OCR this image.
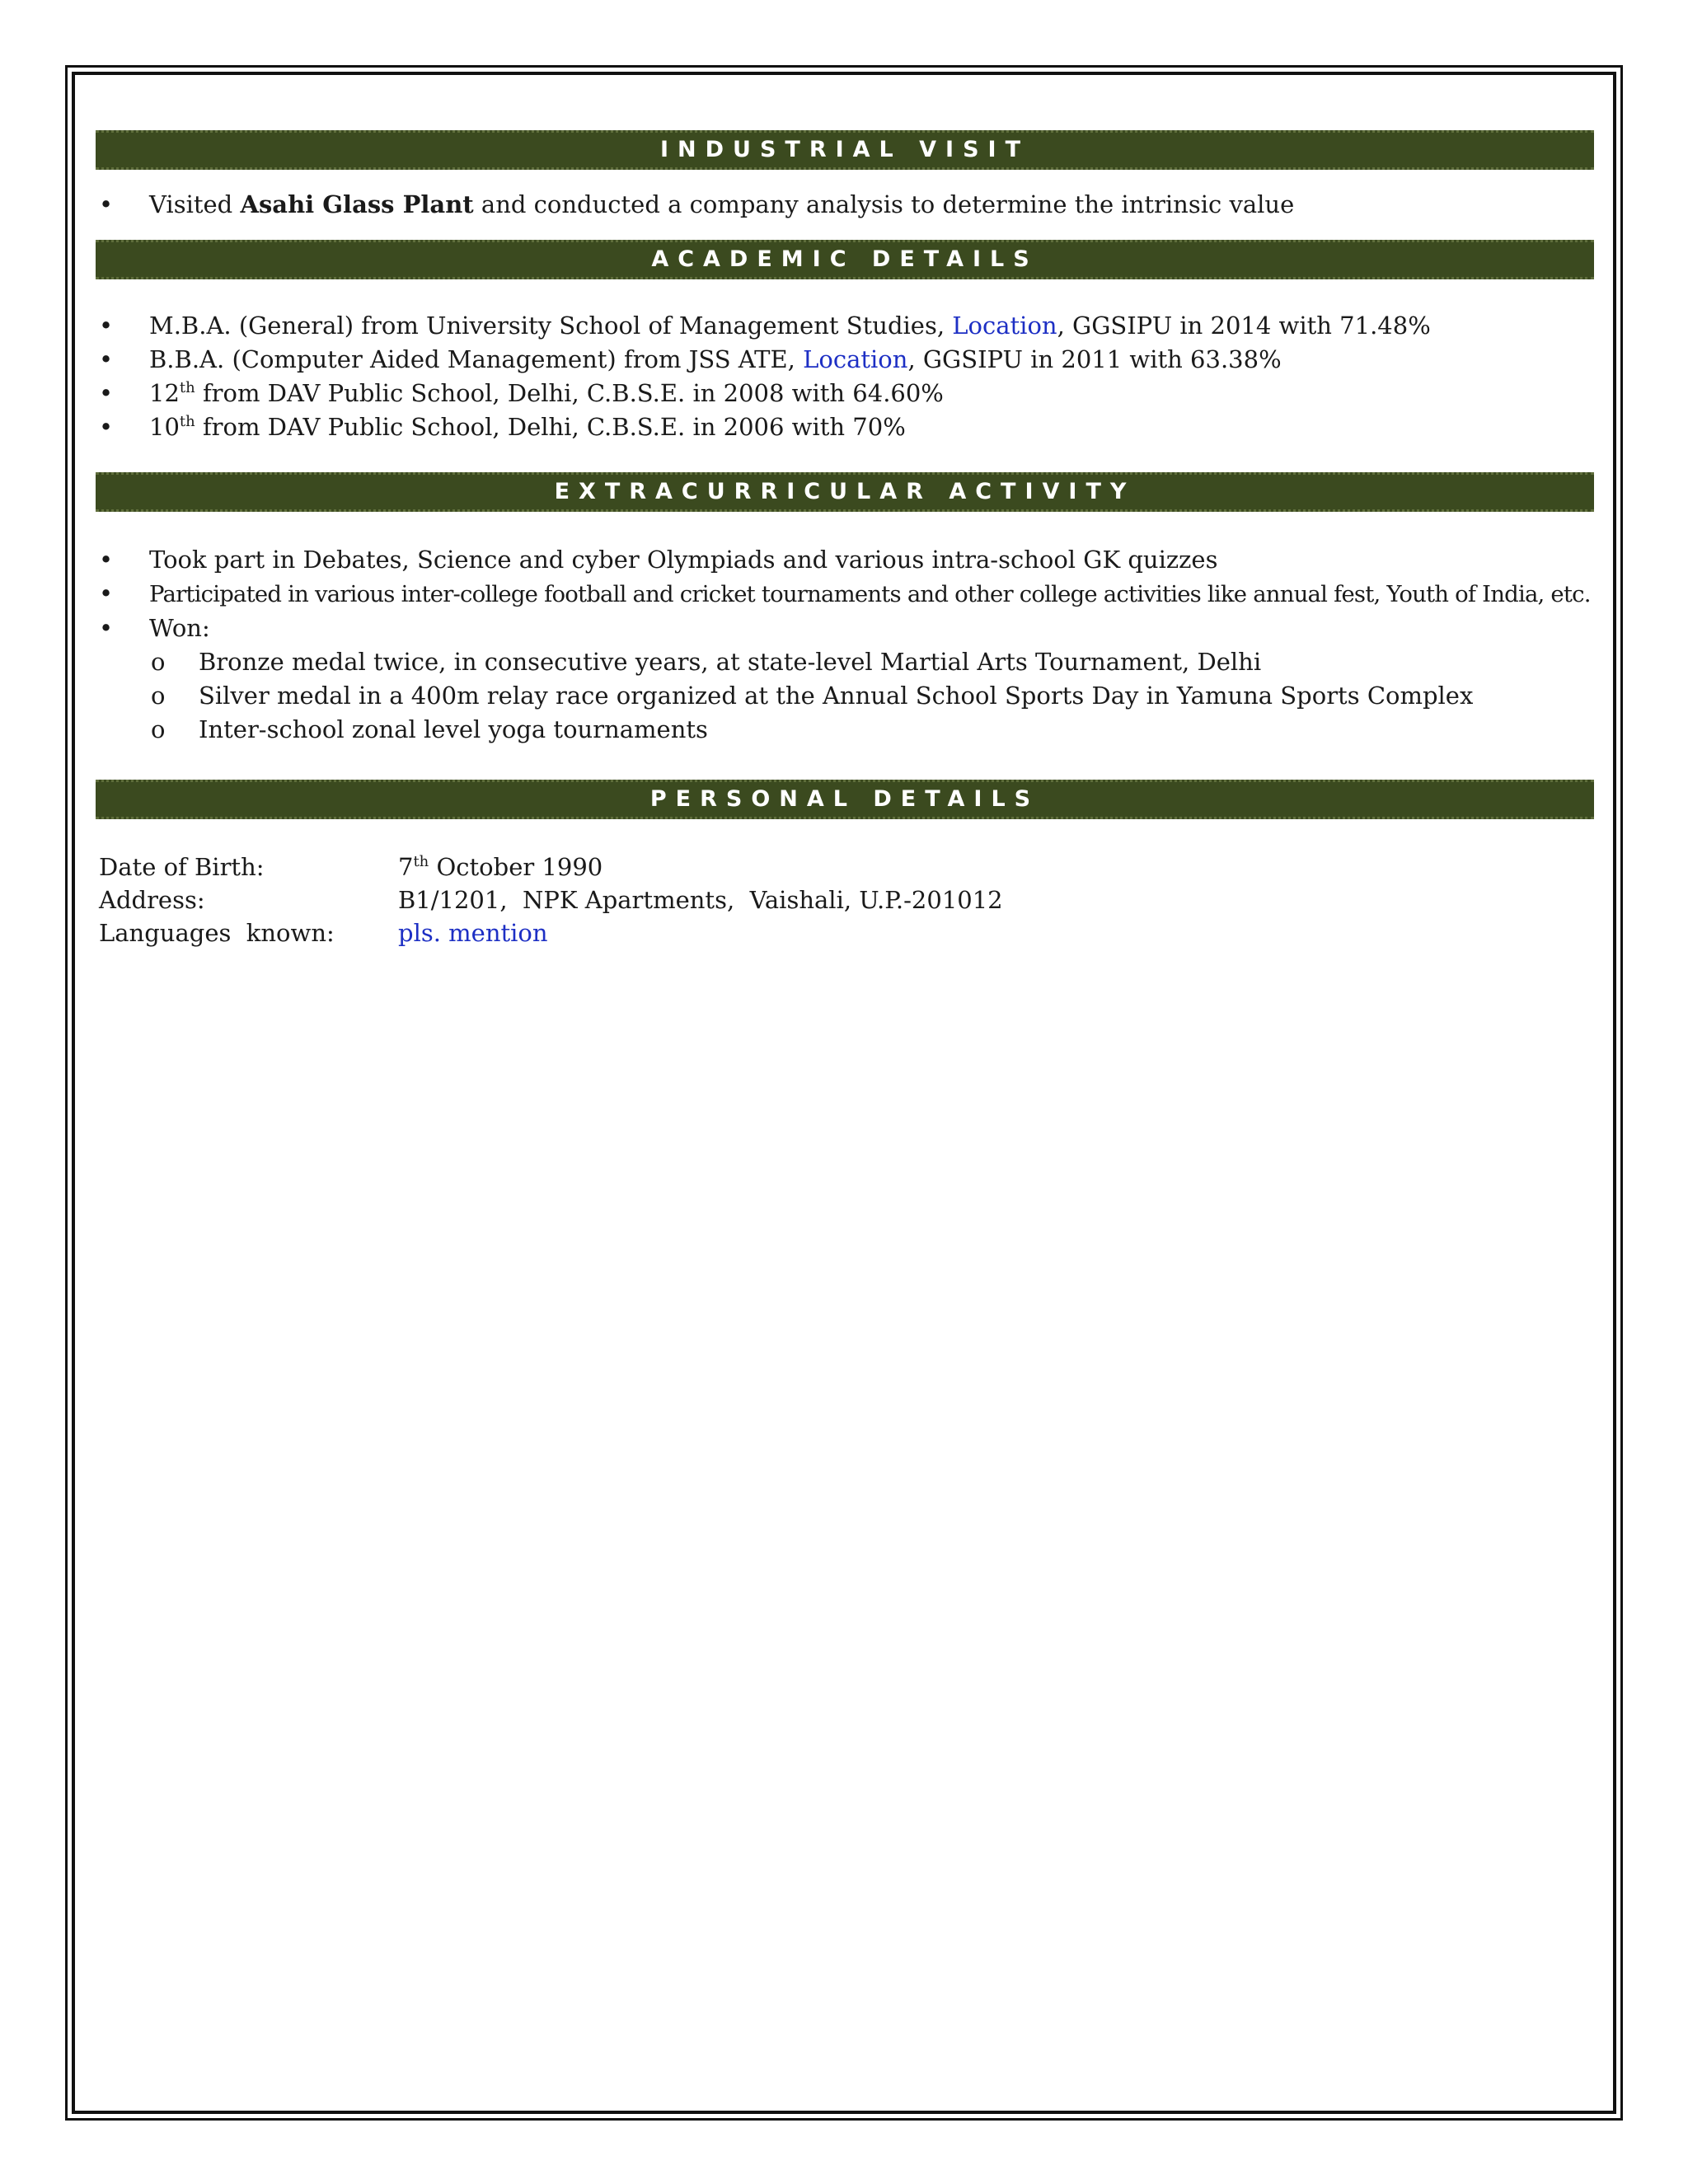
INDUSTRIAL VISIT
• Visited Asahi Glass Plant and conducted a company analysis to determine the intrinsic value
ACADEMIC DETAILS
• M.B.A. (General) from University School of Management Studies, Location, GGSIPU in 2014 with 71.48%
• B.B.A. (Computer Aided Management) from JSS ATE, Location, GGSIPU in 2011 with 63.38%
• 12th from DAV Public School, Delhi, C.B.S.E. in 2008 with 64.60%
• 10th from DAV Public School, Delhi, C.B.S.E. in 2006 with 70%
EXTRACURRICULAR ACTIVITY
• Took part in Debates, Science and cyber Olympiads and various intra-school GK quizzes
• Participated in various inter-college football and cricket tournaments and other college activities like annual fest, Youth of India, etc.
• Won:
o Bronze medal twice, in consecutive years, at state-level Martial Arts Tournament, Delhi
o Silver medal in a 400m relay race organized at the Annual School Sports Day in Yamuna Sports Complex
o Inter-school zonal level yoga tournaments
PERSONAL DETAILS
Date of Birth:	7th October 1990
Address:	B1/1201,  NPK Apartments,  Vaishali, U.P.-201012
Languages  known:	pls. mention
